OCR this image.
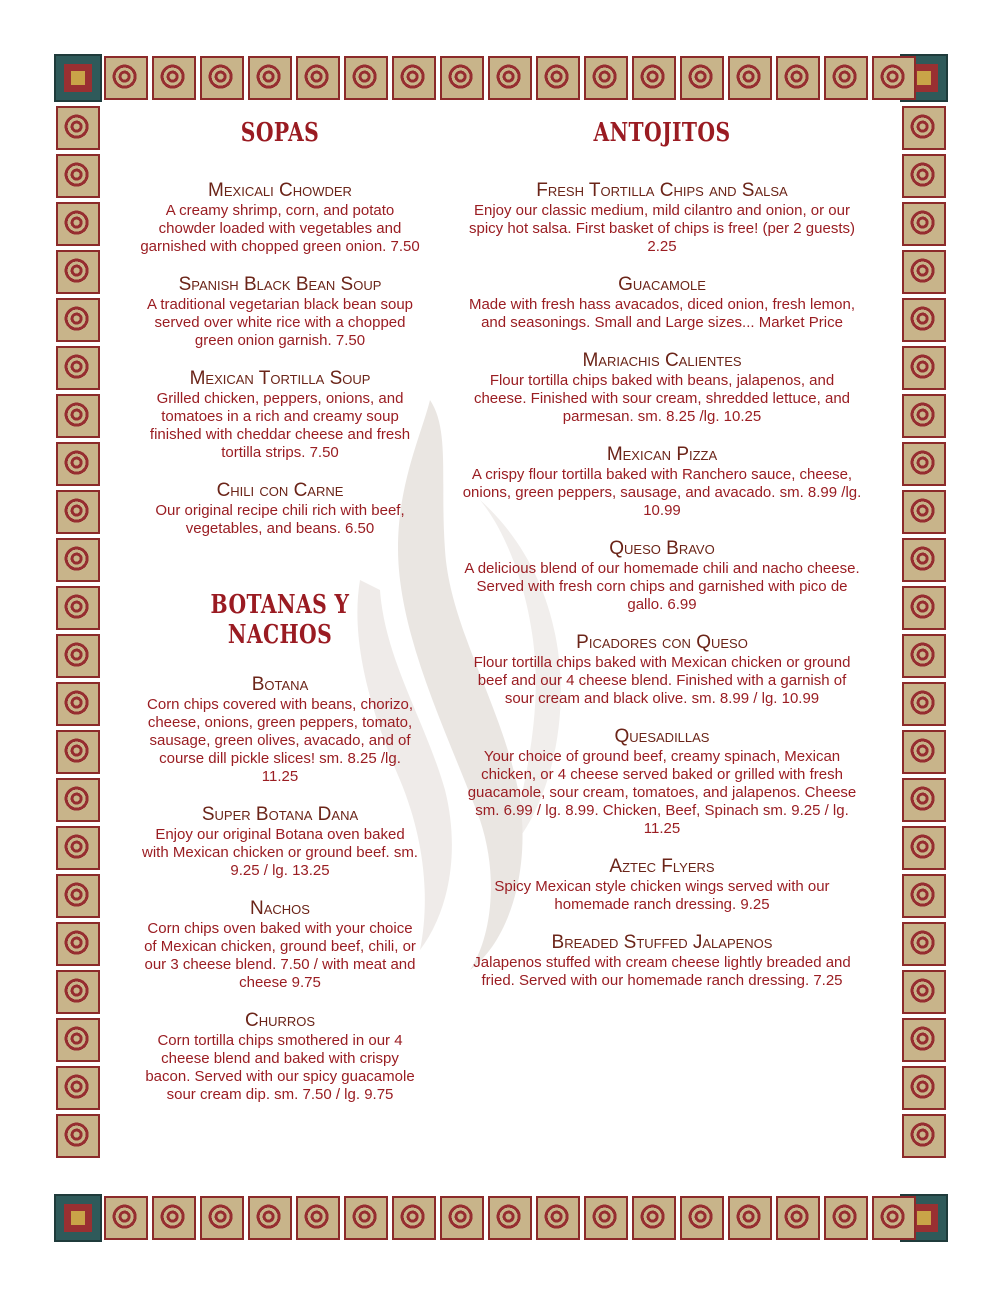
SOPAS

Mexicali Chowder

A creamy shrimp, corn, and potato chowder loaded with vegetables and garnished with chopped green onion. 7.50

Spanish Black Bean Soup

A traditional vegetarian black bean soup served over white rice with a chopped green onion garnish. 7.50

Mexican Tortilla Soup

Grilled chicken, peppers, onions, and tomatoes in a rich and creamy soup finished with cheddar cheese and fresh tortilla strips. 7.50

Chili con Carne

Our original recipe chili rich with beef, vegetables, and beans. 6.50

BOTANAS Y NACHOS

Botana

Corn chips covered with beans, chorizo, cheese, onions, green peppers, tomato, sausage, green olives, avacado, and of course dill pickle slices! sm. 8.25 /lg. 11.25

Super Botana Dana

Enjoy our original Botana oven baked with Mexican chicken or ground beef. sm. 9.25 / lg. 13.25

Nachos

Corn chips oven baked with your choice of Mexican chicken, ground beef, chili, or our 3 cheese blend. 7.50 / with meat and cheese 9.75

Churros

Corn tortilla chips smothered in our 4 cheese blend and baked with crispy bacon. Served with our spicy guacamole sour cream dip. sm. 7.50 / lg. 9.75

ANTOJITOS

Fresh Tortilla Chips and Salsa

Enjoy our classic medium, mild cilantro and onion, or our spicy hot salsa. First basket of chips is free! (per 2 guests) 2.25

Guacamole

Made with fresh hass avacados, diced onion, fresh lemon, and seasonings. Small and Large sizes... Market Price

Mariachis Calientes

Flour tortilla chips baked with beans, jalapenos, and cheese. Finished with sour cream, shredded lettuce, and parmesan. sm. 8.25 /lg. 10.25

Mexican Pizza

A crispy flour tortilla baked with Ranchero sauce, cheese, onions, green peppers, sausage, and avacado. sm. 8.99 /lg. 10.99

Queso Bravo

A delicious blend of our homemade chili and nacho cheese. Served with fresh corn chips and garnished with pico de gallo. 6.99

Picadores con Queso

Flour tortilla chips baked with Mexican chicken or ground beef and our 4 cheese blend. Finished with a garnish of sour cream and black olive. sm. 8.99 / lg. 10.99

Quesadillas

Your choice of ground beef, creamy spinach, Mexican chicken, or 4 cheese served baked or grilled with fresh guacamole, sour cream, tomatoes, and jalapenos. Cheese sm. 6.99 / lg. 8.99. Chicken, Beef, Spinach sm. 9.25 / lg. 11.25

Aztec Flyers

Spicy Mexican style chicken wings served with our homemade ranch dressing. 9.25

Breaded Stuffed Jalapenos

Jalapenos stuffed with cream cheese lightly breaded and fried. Served with our homemade ranch dressing. 7.25
